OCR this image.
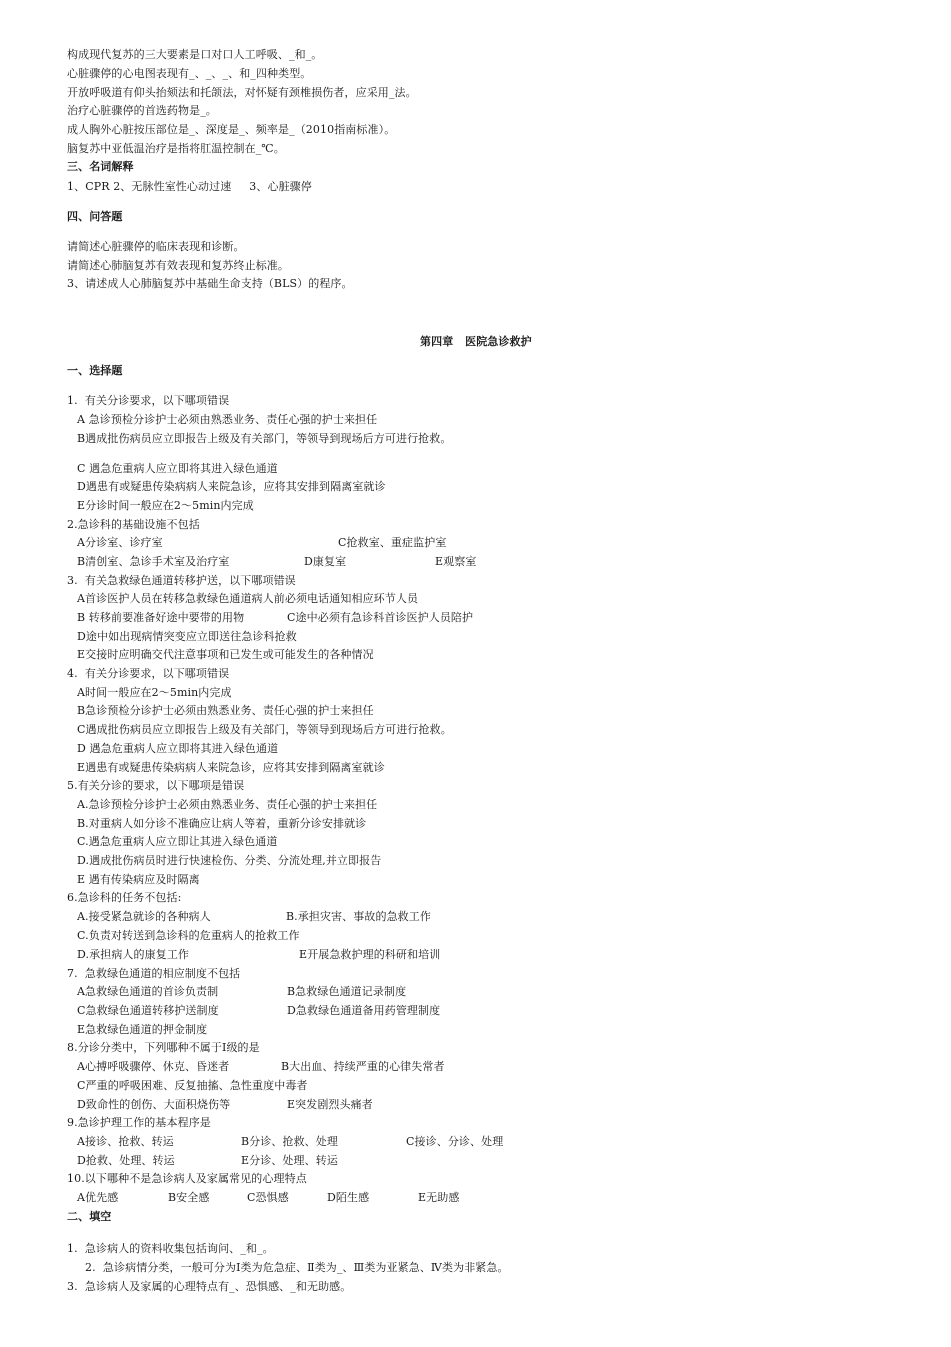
构成现代复苏的三大要素是口对口人工呼吸、_和_。
心脏骤停的心电图表现有_、_、_、和_四种类型。
开放呼吸道有仰头抬颏法和托颌法，对怀疑有颈椎损伤者，应采用_法。
治疗心脏骤停的首选药物是_。
成人胸外心脏按压部位是_、深度是_、频率是_（2010指南标准）。
脑复苏中亚低温治疗是指将肛温控制在_℃。
三、名词解释
1、CPR 2、无脉性室性心动过速     3、心脏骤停
四、问答题
请简述心脏骤停的临床表现和诊断。
请简述心肺脑复苏有效表现和复苏终止标准。
3、请述成人心肺脑复苏中基础生命支持（BLS）的程序。
第四章   医院急诊救护
一、选择题
1.  有关分诊要求，以下哪项错误
A 急诊预检分诊护士必须由熟悉业务、责任心强的护士来担任
B遇成批伤病员应立即报告上级及有关部门，等领导到现场后方可进行抢救。
C 遇急危重病人应立即将其进入绿色通道
D遇患有或疑患传染病病人来院急诊，应将其安排到隔离室就诊
E分诊时间一般应在2～5min内完成
2.急诊科的基础设施不包括

A分诊室、诊疗室

	C抢救室、重症监护室

B清创室、急诊手术室及治疗室

	D康复室

	E观察室

3.  有关急救绿色通道转移护送，以下哪项错误
A首诊医护人员在转移急救绿色通道病人前必须电话通知相应环节人员

B 转移前要准备好途中要带的用物

	C途中必须有急诊科首诊医护人员陪护

D途中如出现病情突变应立即送往急诊科抢救
E交接时应明确交代注意事项和已发生或可能发生的各种情况
4.  有关分诊要求，以下哪项错误
A时间一般应在2～5min内完成
B急诊预检分诊护士必须由熟悉业务、责任心强的护士来担任
C遇成批伤病员应立即报告上级及有关部门，等领导到现场后方可进行抢救。
D 遇急危重病人应立即将其进入绿色通道
E遇患有或疑患传染病病人来院急诊，应将其安排到隔离室就诊
5.有关分诊的要求，以下哪项是错误
A.急诊预检分诊护士必须由熟悉业务、责任心强的护士来担任
B.对重病人如分诊不准确应让病人等着，重新分诊安排就诊
C.遇急危重病人应立即让其进入绿色通道
D.遇成批伤病员时进行快速检伤、分类、分流处理,并立即报告
E 遇有传染病应及时隔离
6.急诊科的任务不包括:

A.接受紧急就诊的各种病人

	B.承担灾害、事故的急救工作

C.负责对转送到急诊科的危重病人的抢救工作

D.承担病人的康复工作

	E开展急救护理的科研和培训

7.  急救绿色通道的相应制度不包括

A急救绿色通道的首诊负责制

	B急救绿色通道记录制度

C急救绿色通道转移护送制度

	D急救绿色通道备用药管理制度

E急救绿色通道的押金制度
8.分诊分类中，下列哪种不属于I级的是

A心搏呼吸骤停、休克、昏迷者

	B大出血、持续严重的心律失常者

C严重的呼吸困难、反复抽搐、急性重度中毒者

D致命性的创伤、大面积烧伤等

	E突发剧烈头痛者

9.急诊护理工作的基本程序是

A接诊、抢救、转运

	B分诊、抢救、处理

	C接诊、分诊、处理

D抢救、处理、转运

	E分诊、处理、转运

10.以下哪种不是急诊病人及家属常见的心理特点

A优先感

	B安全感

	C恐惧感

	D陌生感

	E无助感

二、填空
1.  急诊病人的资料收集包括询问、_和_。
2.  急诊病情分类，一般可分为Ⅰ类为危急症、Ⅱ类为_、Ⅲ类为亚紧急、Ⅳ类为非紧急。
3.  急诊病人及家属的心理特点有_、恐惧感、_和无助感。
